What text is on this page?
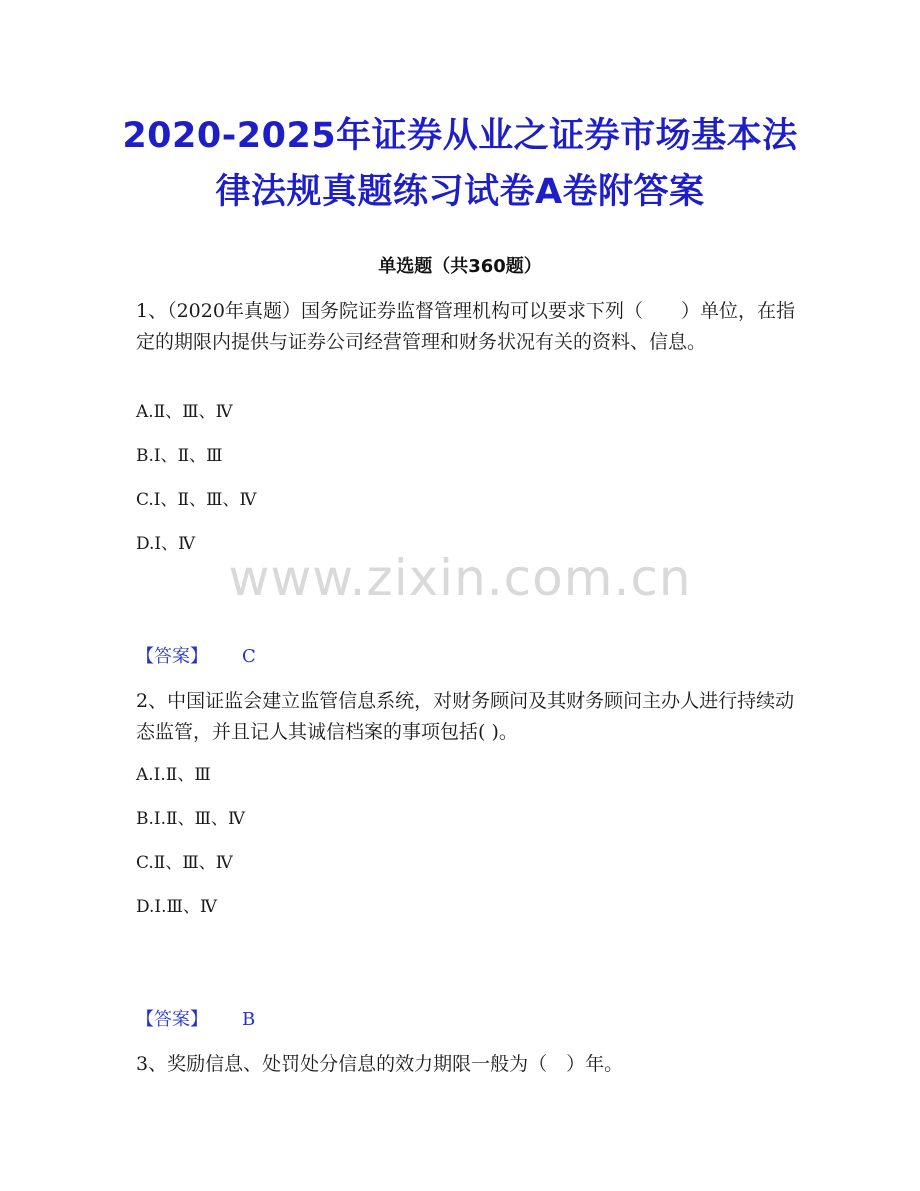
2020-2025年证券从业之证券市场基本法
律法规真题练习试卷A卷附答案
单选题（共360题）
1、（2020年真题）国务院证券监督管理机构可以要求下列（　　）单位，在指定的期限内提供与证券公司经营管理和财务状况有关的资料、信息。
A.Ⅱ、Ⅲ、Ⅳ
B.Ⅰ、Ⅱ、Ⅲ
C.Ⅰ、Ⅱ、Ⅲ、Ⅳ
D.Ⅰ、Ⅳ
www.zixin.com.cn
【答案】 C
2、中国证监会建立监管信息系统，对财务顾问及其财务顾问主办人进行持续动态监管，并且记人其诚信档案的事项包括( )。
A.Ⅰ.Ⅱ、Ⅲ
B.Ⅰ.Ⅱ、Ⅲ、Ⅳ
C.Ⅱ、Ⅲ、Ⅳ
D.Ⅰ.Ⅲ、Ⅳ
【答案】 B
3、奖励信息、处罚处分信息的效力期限一般为（　）年。
